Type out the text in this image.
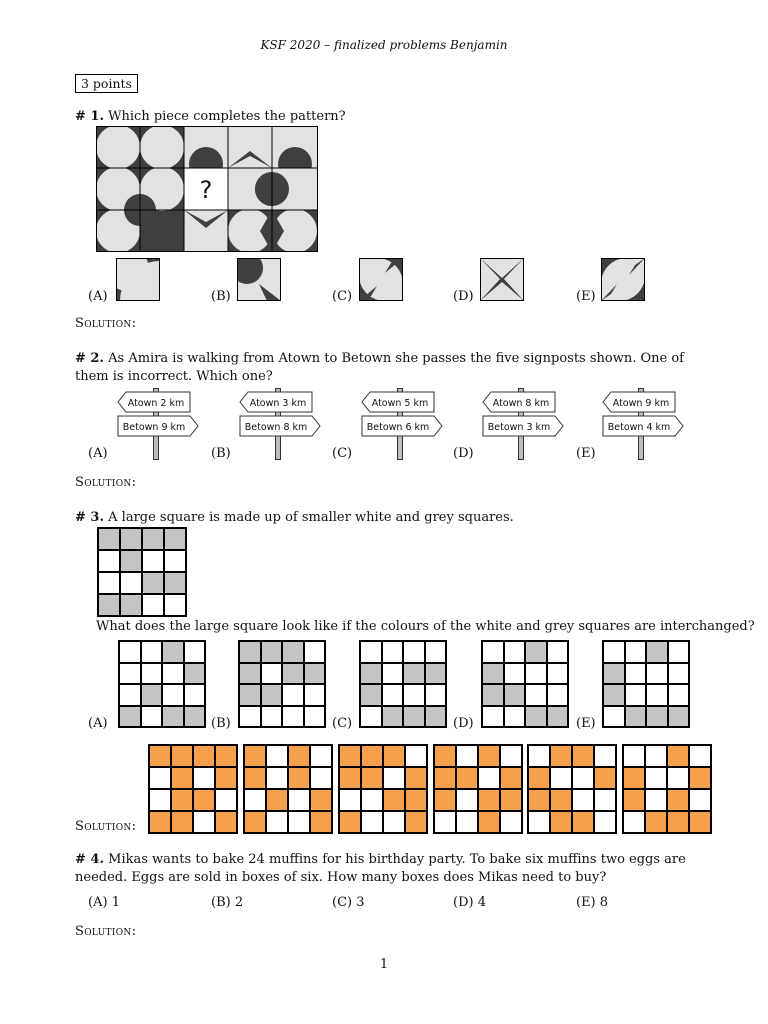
KSF 2020 – finalized problems Benjamin
3 points
# 1. Which piece completes the pattern?
?
(A)	(B)	(C)	(D)	(E)
Solution:
# 2. As Amira is walking from Atown to Betown she passes the five signposts shown. One of them is incorrect. Which one?
Atown 2 km
Betown 9 km
Atown 3 km
Betown 8 km
Atown 5 km
Betown 6 km
Atown 8 km
Betown 3 km
Atown 9 km
Betown 4 km
(A)	(B)	(C)	(D)	(E)
Solution:
# 3. A large square is made up of smaller white and grey squares.
What does the large square look like if the colours of the white and grey squares are interchanged?
(A)	(B)	(C)	(D)	(E)
Solution:
# 4. Mikas wants to bake 24 muffins for his birthday party. To bake six muffins two eggs are needed. Eggs are sold in boxes of six. How many boxes does Mikas need to buy?
(A) 1	(B) 2	(C) 3	(D) 4	(E) 8
Solution:
1
